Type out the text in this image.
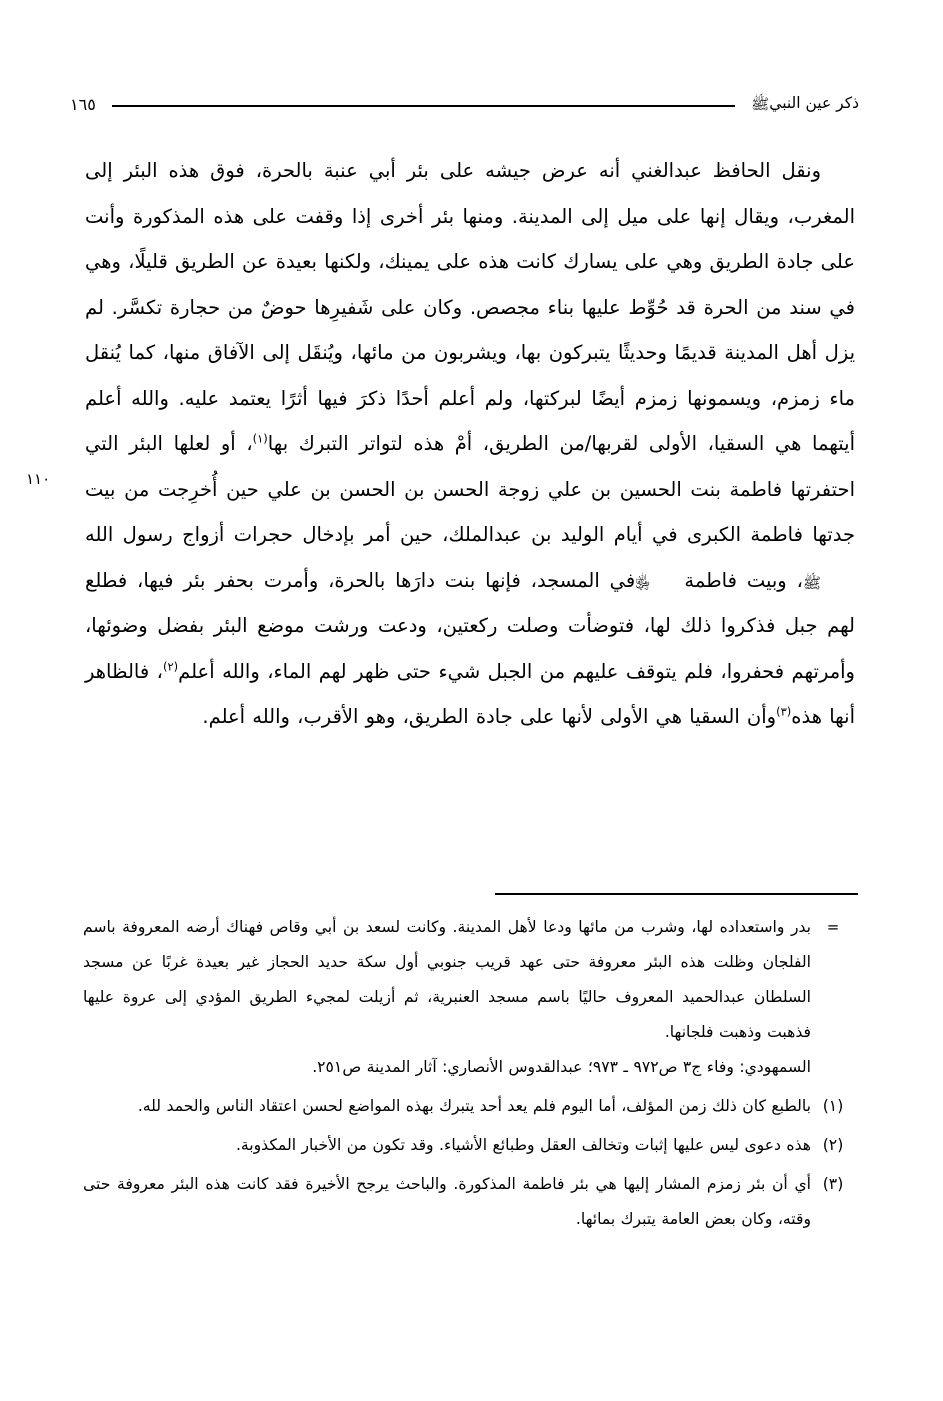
ذكر عين النبيﷺ
١٦٥
١١٠

ونقل الحافظ عبدالغني أنه عرض جيشه على بئر أبي عنبة بالحرة، فوق هذه البئر إلى المغرب، ويقال إنها على ميل إلى المدينة. ومنها بئر أخرى إذا وقفت على هذه المذكورة وأنت على جادة الطريق وهي على يسارك كانت هذه على يمينك، ولكنها بعيدة عن الطريق قليلًا، وهي في سند من الحرة قد حُوِّط عليها بناء مجصص. وكان على شَفيرِها حوضٌ من حجارة تكسَّر. لم يزل أهل المدينة قديمًا وحديثًا يتبركون بها، ويشربون من مائها، ويُنقَل إلى الآفاق منها، كما يُنقل ماء زمزم، ويسمونها زمزم أيضًا لبركتها، ولم أعلم أحدًا ذكرَ فيها أثرًا يعتمد عليه. والله أعلم أيتهما هي السقيا، الأولى لقربها/من الطريق، أمْ هذه لتواتر التبرك بها$^{(١)}$، أو لعلها البئر التي احتفرتها فاطمة بنت الحسين بن علي زوجة الحسن بن الحسن بن علي حين أُخرِجت من بيت جدتها فاطمة الكبرى في أيام الوليد بن عبدالملك، حين أمر بإدخال حجرات أزواج رسول اللهﷺ، وبيت فاطمة﵂في المسجد، فإنها بنت دارَها بالحرة، وأمرت بحفر بئر فيها، فطلع لهم جبل فذكروا ذلك لها، فتوضأت وصلت ركعتين، ودعت ورشت موضع البئر بفضل وضوئها، وأمرتهم فحفروا، فلم يتوقف عليهم من الجبل شيء حتى ظهر لهم الماء، والله أعلم$^{(٢)}$، فالظاهر أنها هذه$^{(٣)}$وأن السقيا هي الأولى لأنها على جادة الطريق، وهو الأقرب، والله أعلم.

=

بدر واستعداده لها، وشرب من مائها ودعا لأهل المدينة. وكانت لسعد بن أبي وقاص فهناك أرضه المعروفة باسم الفلجان وظلت هذه البئر معروفة حتى عهد قريب جنوبي أول سكة حديد الحجاز غير بعيدة غربًا عن مسجد السلطان عبدالحميد المعروف حاليًا باسم مسجد العنبرية، ثم أزيلت لمجيء الطريق المؤدي إلى عروة عليها فذهبت وذهبت فلجانها.

السمهودي: وفاء ج٣ ص٩٧٢ ـ ٩٧٣؛ عبدالقدوس الأنصاري: آثار المدينة ص٢٥١.
(١)

بالطبع كان ذلك زمن المؤلف، أما اليوم فلم يعد أحد يتبرك بهذه المواضع لحسن اعتقاد الناس والحمد لله.

(٢)

هذه دعوى ليس عليها إثبات وتخالف العقل وطبائع الأشياء. وقد تكون من الأخبار المكذوبة.

(٣)

أي أن بئر زمزم المشار إليها هي بئر فاطمة المذكورة. والباحث يرجح الأخيرة فقد كانت هذه البئر معروفة حتى وقته، وكان بعض العامة يتبرك بمائها.
